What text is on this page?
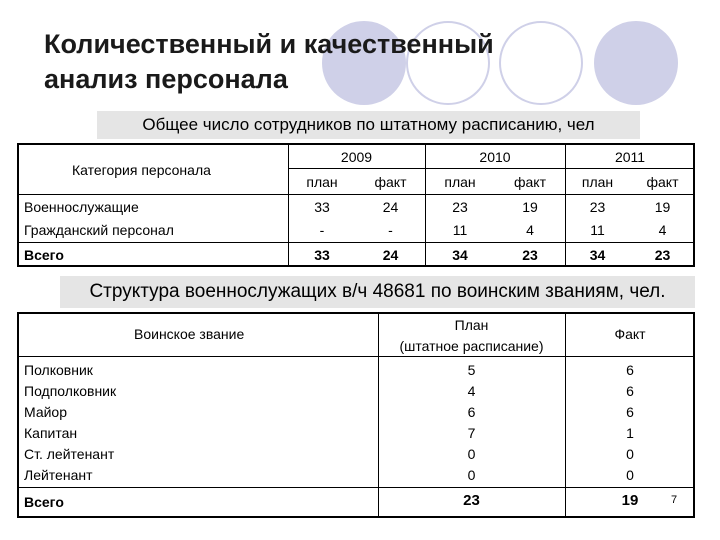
Количественный и качественный
анализ персонала
Общее число сотрудников по штатному расписанию, чел
Категория персонала
2009	2010	2011
план	факт	план	факт	план	факт
Военнослужащие	33	24	23	19	23	19
Гражданский персонал	-	-	11	4	11	4
Всего	33	24	34	23	34	23
Структура военнослужащих в/ч 48681 по воинским званиям, чел.
Воинское звание
План
(штатное расписание)
Факт
Полковник	5	6
Подполковник	4	6
Майор	6	6
Капитан	7	1
Ст. лейтенант	0	0
Лейтенант	0	0
Всего	23	19	7
